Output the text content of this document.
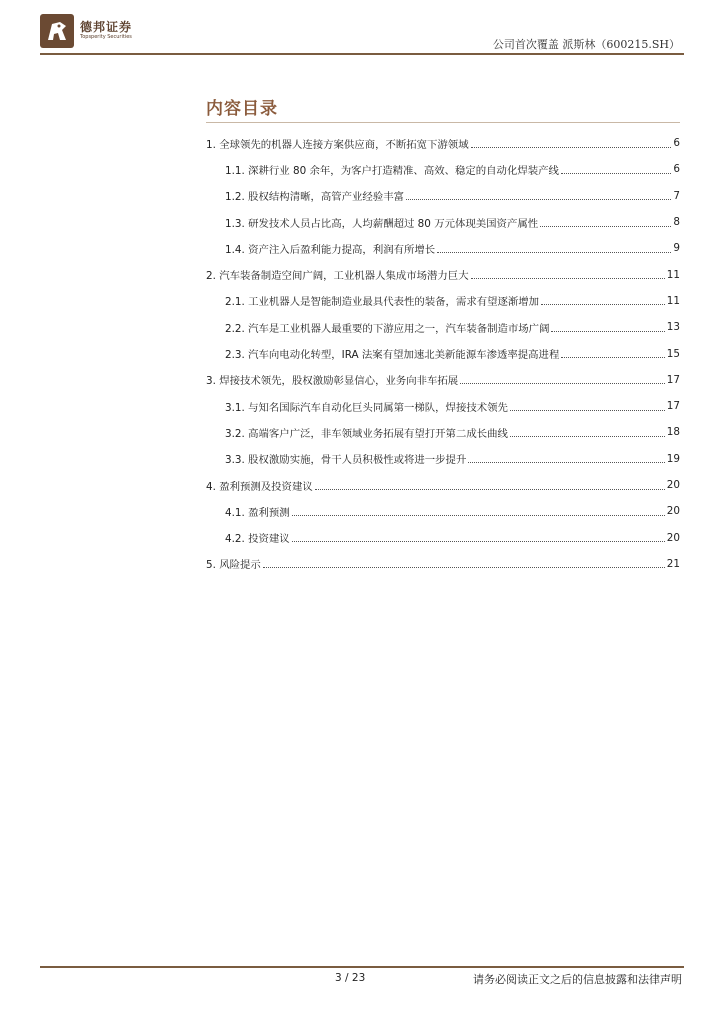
德邦证券
Topsperity Securities
公司首次覆盖 派斯林（600215.SH）
内容目录
1. 全球领先的机器人连接方案供应商，不断拓宽下游领域	6
1.1. 深耕行业 80 余年，为客户打造精准、高效、稳定的自动化焊装产线	6
1.2. 股权结构清晰，高管产业经验丰富	7
1.3. 研发技术人员占比高，人均薪酬超过 80 万元体现美国资产属性	8
1.4. 资产注入后盈利能力提高，利润有所增长	9
2. 汽车装备制造空间广阔，工业机器人集成市场潜力巨大	11
2.1. 工业机器人是智能制造业最具代表性的装备，需求有望逐渐增加	11
2.2. 汽车是工业机器人最重要的下游应用之一，汽车装备制造市场广阔	13
2.3. 汽车向电动化转型，IRA 法案有望加速北美新能源车渗透率提高进程	15
3. 焊接技术领先，股权激励彰显信心，业务向非车拓展	17
3.1. 与知名国际汽车自动化巨头同属第一梯队，焊接技术领先	17
3.2. 高端客户广泛，非车领域业务拓展有望打开第二成长曲线	18
3.3. 股权激励实施，骨干人员积极性或将进一步提升	19
4. 盈利预测及投资建议	20
4.1. 盈利预测	20
4.2. 投资建议	20
5. 风险提示	21
3 / 23	请务必阅读正文之后的信息披露和法律声明
